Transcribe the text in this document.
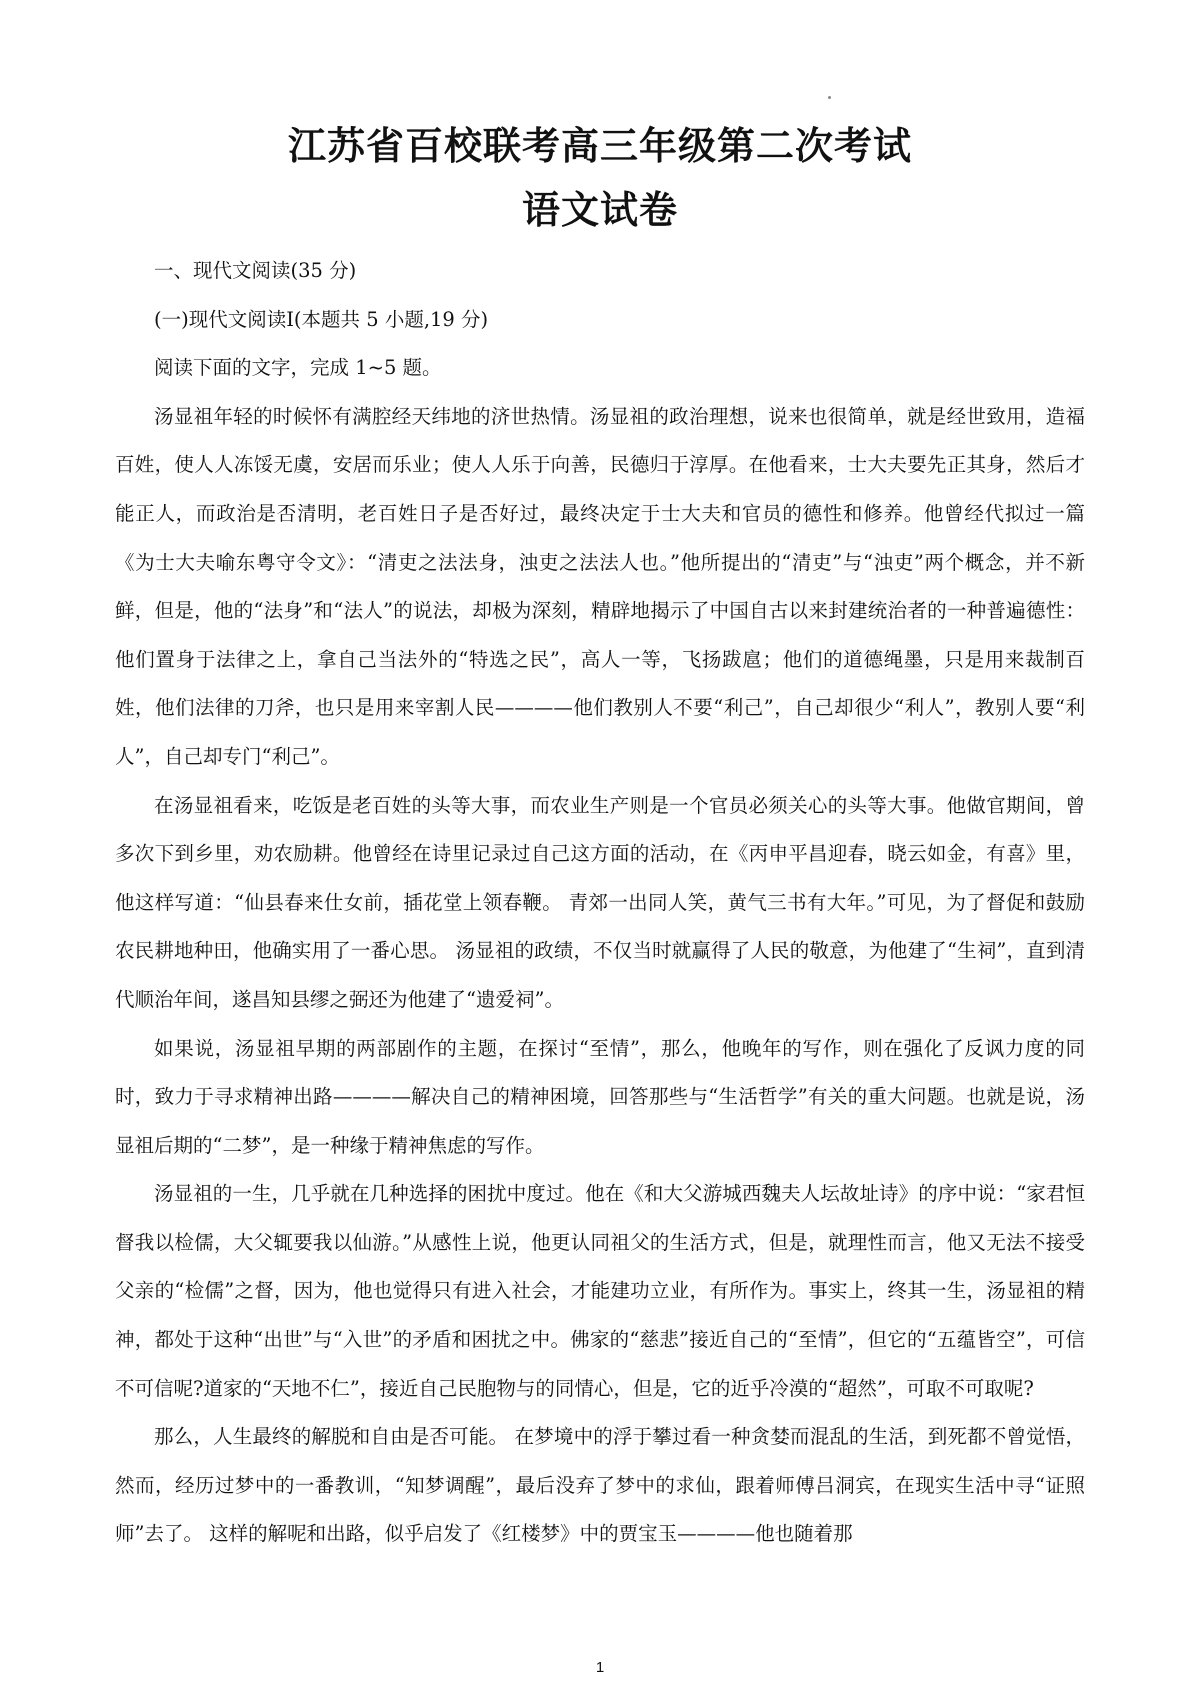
江苏省百校联考高三年级第二次考试
语文试卷

一、现代文阅读(35 分)

(一)现代文阅读Ⅰ(本题共 5 小题,19 分)

阅读下面的文字，完成 1~5 题。

汤显祖年轻的时候怀有满腔经天纬地的济世热情。汤显祖的政治理想，说来也很简单，就是经世致用，造福百姓，使人人冻馁无虞，安居而乐业；使人人乐于向善，民德归于淳厚。在他看来，士大夫要先正其身，然后才能正人，而政治是否清明，老百姓日子是否好过，最终决定于士大夫和官员的德性和修养。他曾经代拟过一篇《为士大夫喻东粤守令文》：“清吏之法法身，浊吏之法法人也。”他所提出的“清吏”与“浊吏”两个概念，并不新鲜，但是，他的“法身”和“法人”的说法，却极为深刻，精辟地揭示了中国自古以来封建统治者的一种普遍德性：他们置身于法律之上，拿自己当法外的“特选之民”，高人一等，飞扬跋扈；他们的道德绳墨，只是用来裁制百姓，他们法律的刀斧，也只是用来宰割人民————他们教别人不要“利己”，自己却很少“利人”，教别人要“利人”，自己却专门“利己”。

在汤显祖看来，吃饭是老百姓的头等大事，而农业生产则是一个官员必须关心的头等大事。他做官期间，曾多次下到乡里，劝农励耕。他曾经在诗里记录过自己这方面的活动，在《丙申平昌迎春，晓云如金，有喜》里，他这样写道：“仙县春来仕女前，插花堂上领春鞭。 青郊一出同人笑，黄气三书有大年。”可见，为了督促和鼓励农民耕地种田，他确实用了一番心思。 汤显祖的政绩，不仅当时就赢得了人民的敬意，为他建了“生祠”，直到清代顺治年间，遂昌知县缪之弼还为他建了“遗爱祠”。

如果说，汤显祖早期的两部剧作的主题，在探讨“至情”，那么，他晚年的写作，则在强化了反讽力度的同时，致力于寻求精神出路————解决自己的精神困境，回答那些与“生活哲学”有关的重大问题。也就是说，汤显祖后期的“二梦”，是一种缘于精神焦虑的写作。

汤显祖的一生，几乎就在几种选择的困扰中度过。他在《和大父游城西魏夫人坛故址诗》的序中说：“家君恒督我以检儒，大父辄要我以仙游。”从感性上说，他更认同祖父的生活方式，但是，就理性而言，他又无法不接受父亲的“检儒”之督，因为，他也觉得只有进入社会，才能建功立业，有所作为。事实上，终其一生，汤显祖的精神，都处于这种“出世”与“入世”的矛盾和困扰之中。佛家的“慈悲”接近自己的“至情”，但它的“五蕴皆空”，可信不可信呢?道家的“天地不仁”，接近自己民胞物与的同情心，但是，它的近乎冷漠的“超然”，可取不可取呢?

那么，人生最终的解脱和自由是否可能。 在梦境中的浮于攀过看一种贪婪而混乱的生活，到死都不曾觉悟，然而，经历过梦中的一番教训，“知梦调醒”，最后没弃了梦中的求仙，跟着师傅吕洞宾，在现实生活中寻“证照师”去了。 这样的解呢和出路，似乎启发了《红楼梦》中的贾宝玉————他也随着那

1
